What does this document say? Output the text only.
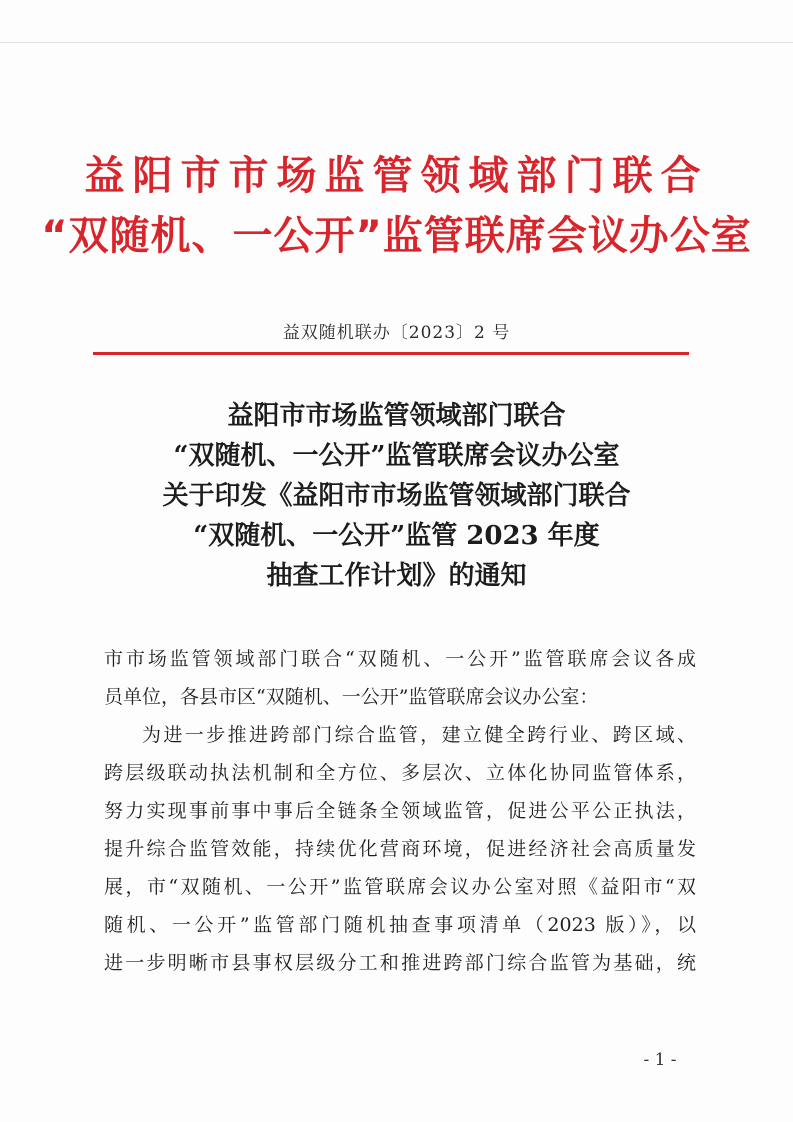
益阳市市场监管领域部门联合
“双随机、一公开”监管联席会议办公室
益双随机联办〔2023〕2 号
益阳市市场监管领域部门联合
“双随机、一公开”监管联席会议办公室
关于印发《益阳市市场监管领域部门联合
“双随机、一公开”监管 2023 年度
抽查工作计划》的通知
市市场监管领域部门联合“双随机、一公开”监管联席会议各成
员单位，各县市区“双随机、一公开”监管联席会议办公室：
为进一步推进跨部门综合监管，建立健全跨行业、跨区域、
跨层级联动执法机制和全方位、多层次、立体化协同监管体系，
努力实现事前事中事后全链条全领域监管，促进公平公正执法，
提升综合监管效能，持续优化营商环境，促进经济社会高质量发
展，市“双随机、一公开”监管联席会议办公室对照《益阳市“双
随机、一公开”监管部门随机抽查事项清单（2023 版）》，以
进一步明晰市县事权层级分工和推进跨部门综合监管为基础，统
- 1 -
